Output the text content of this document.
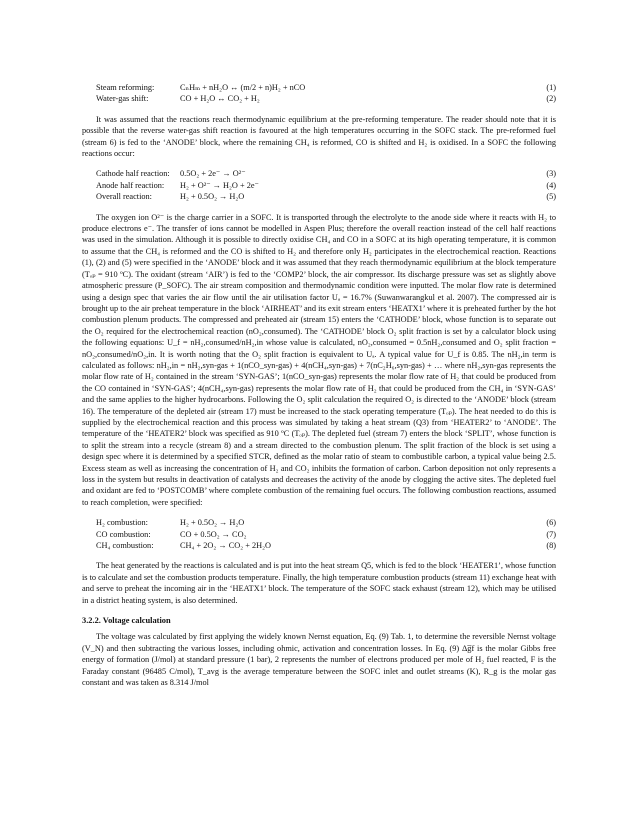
Steam reforming:	CₙHₘ + nH₂O ↔ (m/2 + n)H₂ + nCO	(1)
Water-gas shift:	CO + H₂O ↔ CO₂ + H₂	(2)

It was assumed that the reactions reach thermodynamic equilibrium at the pre-reforming temperature. The reader should note that it is possible that the reverse water-gas shift reaction is favoured at the high temperatures occurring in the SOFC stack. The pre-reformed fuel (stream 6) is fed to the ‘ANODE’ block, where the remaining CH₄ is reformed, CO is shifted and H₂ is oxidised. In a SOFC the following reactions occur:

Cathode half reaction:	0.5O₂ + 2e⁻ → O²⁻	(3)
Anode half reaction:	H₂ + O²⁻ → H₂O + 2e⁻	(4)
Overall reaction:	H₂ + 0.5O₂ → H₂O	(5)

The oxygen ion O²⁻ is the charge carrier in a SOFC. It is transported through the electrolyte to the anode side where it reacts with H₂ to produce electrons e⁻. The transfer of ions cannot be modelled in Aspen Plus; therefore the overall reaction instead of the cell half reactions was used in the simulation. Although it is possible to directly oxidise CH₄ and CO in a SOFC at its high operating temperature, it is common to assume that the CH₄ is reformed and the CO is shifted to H₂ and therefore only H₂ participates in the electrochemical reaction. Reactions (1), (2) and (5) were specified in the ‘ANODE’ block and it was assumed that they reach thermodynamic equilibrium at the block temperature (Tₒₚ = 910 ºC). The oxidant (stream ‘AIR’) is fed to the ‘COMP2’ block, the air compressor. Its discharge pressure was set as slightly above atmospheric pressure (P_SOFC). The air stream composition and thermodynamic condition were inputted. The molar flow rate is determined using a design spec that varies the air flow until the air utilisation factor Uₐ = 16.7% (Suwanwarangkul et al. 2007). The compressed air is brought up to the air preheat temperature in the block ‘AIRHEAT’ and its exit stream enters ‘HEATX1’ where it is preheated further by the hot combustion plenum products. The compressed and preheated air (stream 15) enters the ‘CATHODE’ block, whose function is to separate out the O₂ required for the electrochemical reaction (nO₂,consumed). The ‘CATHODE’ block O₂ split fraction is set by a calculator block using the following equations: U_f = nH₂,consumed/nH₂,in whose value is calculated, nO₂,consumed = 0.5nH₂,consumed and O₂ split fraction = nO₂,consumed/nO₂,in. It is worth noting that the O₂ split fraction is equivalent to Uₐ. A typical value for U_f is 0.85. The nH₂,in term is calculated as follows: nH₂,in = nH₂,syn-gas + 1(nCO_syn-gas) + 4(nCH₄,syn-gas) + 7(nC₂H₆,syn-gas) + … where nH₂,syn-gas represents the molar flow rate of H₂ contained in the stream ‘SYN-GAS’; 1(nCO_syn-gas) represents the molar flow rate of H₂ that could be produced from the CO contained in ‘SYN-GAS’; 4(nCH₄,syn-gas) represents the molar flow rate of H₂ that could be produced from the CH₄ in ‘SYN-GAS’ and the same applies to the higher hydrocarbons. Following the O₂ split calculation the required O₂ is directed to the ‘ANODE’ block (stream 16). The temperature of the depleted air (stream 17) must be increased to the stack operating temperature (Tₒₚ). The heat needed to do this is supplied by the electrochemical reaction and this process was simulated by taking a heat stream (Q3) from ‘HEATER2’ to ‘ANODE’. The temperature of the ‘HEATER2’ block was specified as 910 ºC (Tₒₚ). The depleted fuel (stream 7) enters the block ‘SPLIT’, whose function is to split the stream into a recycle (stream 8) and a stream directed to the combustion plenum. The split fraction of the block is set using a design spec where it is determined by a specified STCR, defined as the molar ratio of steam to combustible carbon, a typical value being 2.5. Excess steam as well as increasing the concentration of H₂ and CO₂ inhibits the formation of carbon. Carbon deposition not only represents a loss in the system but results in deactivation of catalysts and decreases the activity of the anode by clogging the active sites. The depleted fuel and oxidant are fed to ‘POSTCOMB’ where complete combustion of the remaining fuel occurs. The following combustion reactions, assumed to reach completion, were specified:

H₂ combustion:	H₂ + 0.5O₂ → H₂O	(6)
CO combustion:	CO + 0.5O₂ → CO₂	(7)
CH₄ combustion:	CH₄ + 2O₂ → CO₂ + 2H₂O	(8)

The heat generated by the reactions is calculated and is put into the heat stream Q5, which is fed to the block ‘HEATER1’, whose function is to calculate and set the combustion products temperature. Finally, the high temperature combustion products (stream 11) exchange heat with and serve to preheat the incoming air in the ‘HEATX1’ block. The temperature of the SOFC stack exhaust (stream 12), which may be utilised in a district heating system, is also determined.

3.2.2. Voltage calculation

The voltage was calculated by first applying the widely known Nernst equation, Eq. (9) Tab. 1, to determine the reversible Nernst voltage (V_N) and then subtracting the various losses, including ohmic, activation and concentration losses. In Eq. (9) Δg̅f is the molar Gibbs free energy of formation (J/mol) at standard pressure (1 bar), 2 represents the number of electrons produced per mole of H₂ fuel reacted, F is the Faraday constant (96485 C/mol), T_avg is the average temperature between the SOFC inlet and outlet streams (K), R_g is the molar gas constant and was taken as 8.314 J/mol
